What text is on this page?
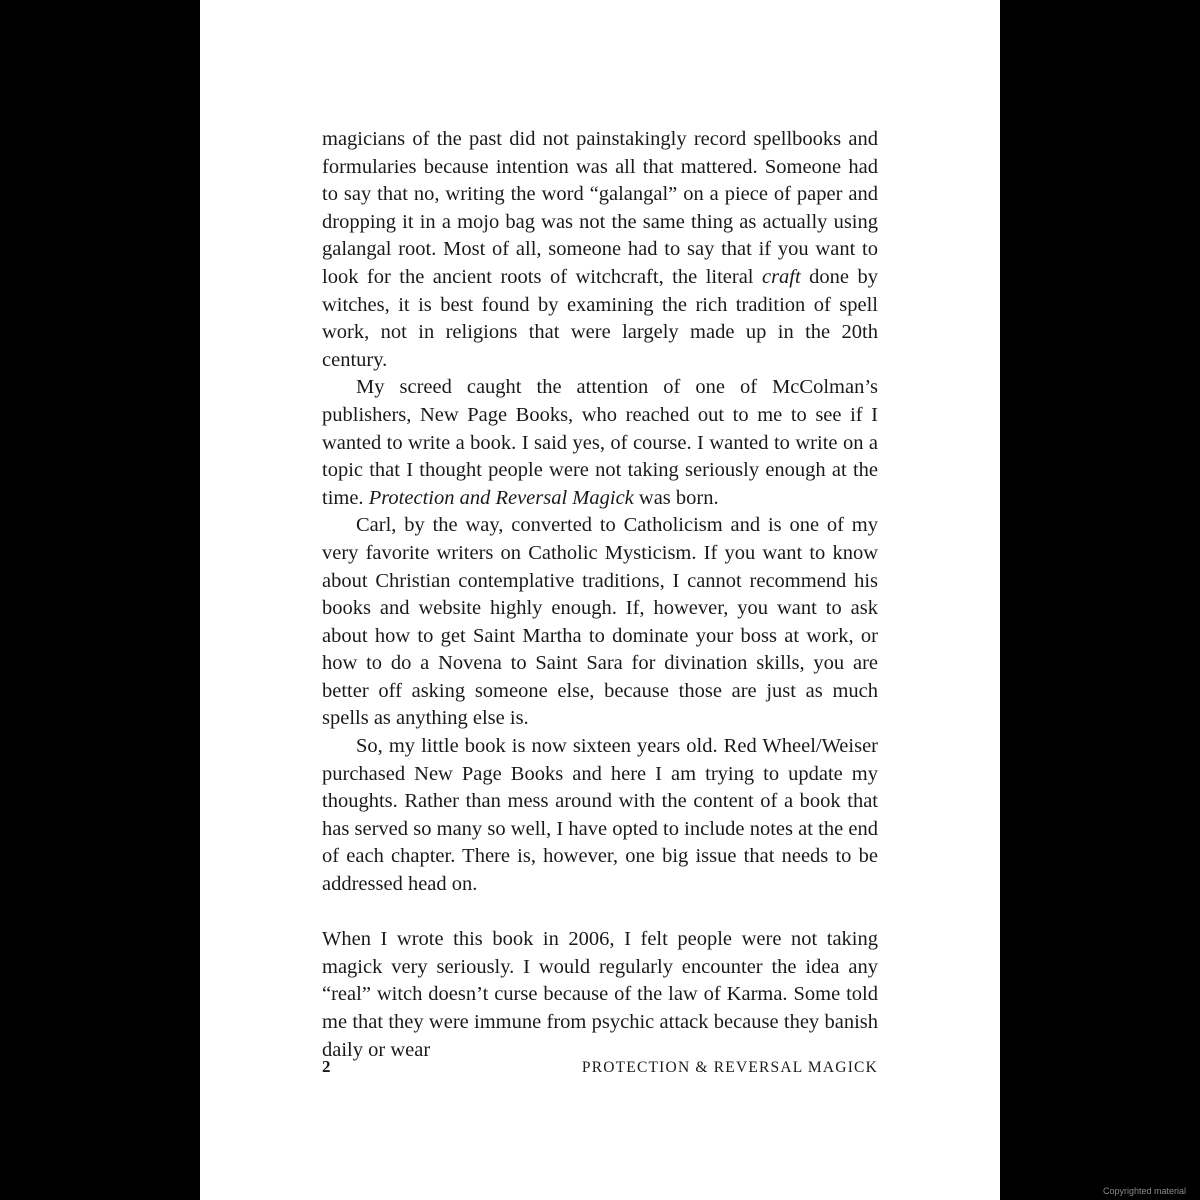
magicians of the past did not painstakingly record spellbooks and formularies because intention was all that mattered. Someone had to say that no, writing the word “galangal” on a piece of paper and dropping it in a mojo bag was not the same thing as actually using galangal root. Most of all, someone had to say that if you want to look for the ancient roots of witchcraft, the literal craft done by witches, it is best found by examining the rich tradition of spell work, not in religions that were largely made up in the 20th century.

My screed caught the attention of one of McColman’s publishers, New Page Books, who reached out to me to see if I wanted to write a book. I said yes, of course. I wanted to write on a topic that I thought people were not taking seriously enough at the time. Protection and Reversal Magick was born.

Carl, by the way, converted to Catholicism and is one of my very favorite writers on Catholic Mysticism. If you want to know about Christian contemplative traditions, I cannot recommend his books and website highly enough. If, however, you want to ask about how to get Saint Martha to dominate your boss at work, or how to do a Novena to Saint Sara for divination skills, you are better off asking someone else, because those are just as much spells as anything else is.

So, my little book is now sixteen years old. Red Wheel/Weiser purchased New Page Books and here I am trying to update my thoughts. Rather than mess around with the content of a book that has served so many so well, I have opted to include notes at the end of each chapter. There is, however, one big issue that needs to be addressed head on.

When I wrote this book in 2006, I felt people were not taking magick very seriously. I would regularly encounter the idea any “real” witch doesn’t curse because of the law of Karma. Some told me that they were immune from psychic attack because they banish daily or wear

2	PROTECTION & REVERSAL MAGICK
Copyrighted material
